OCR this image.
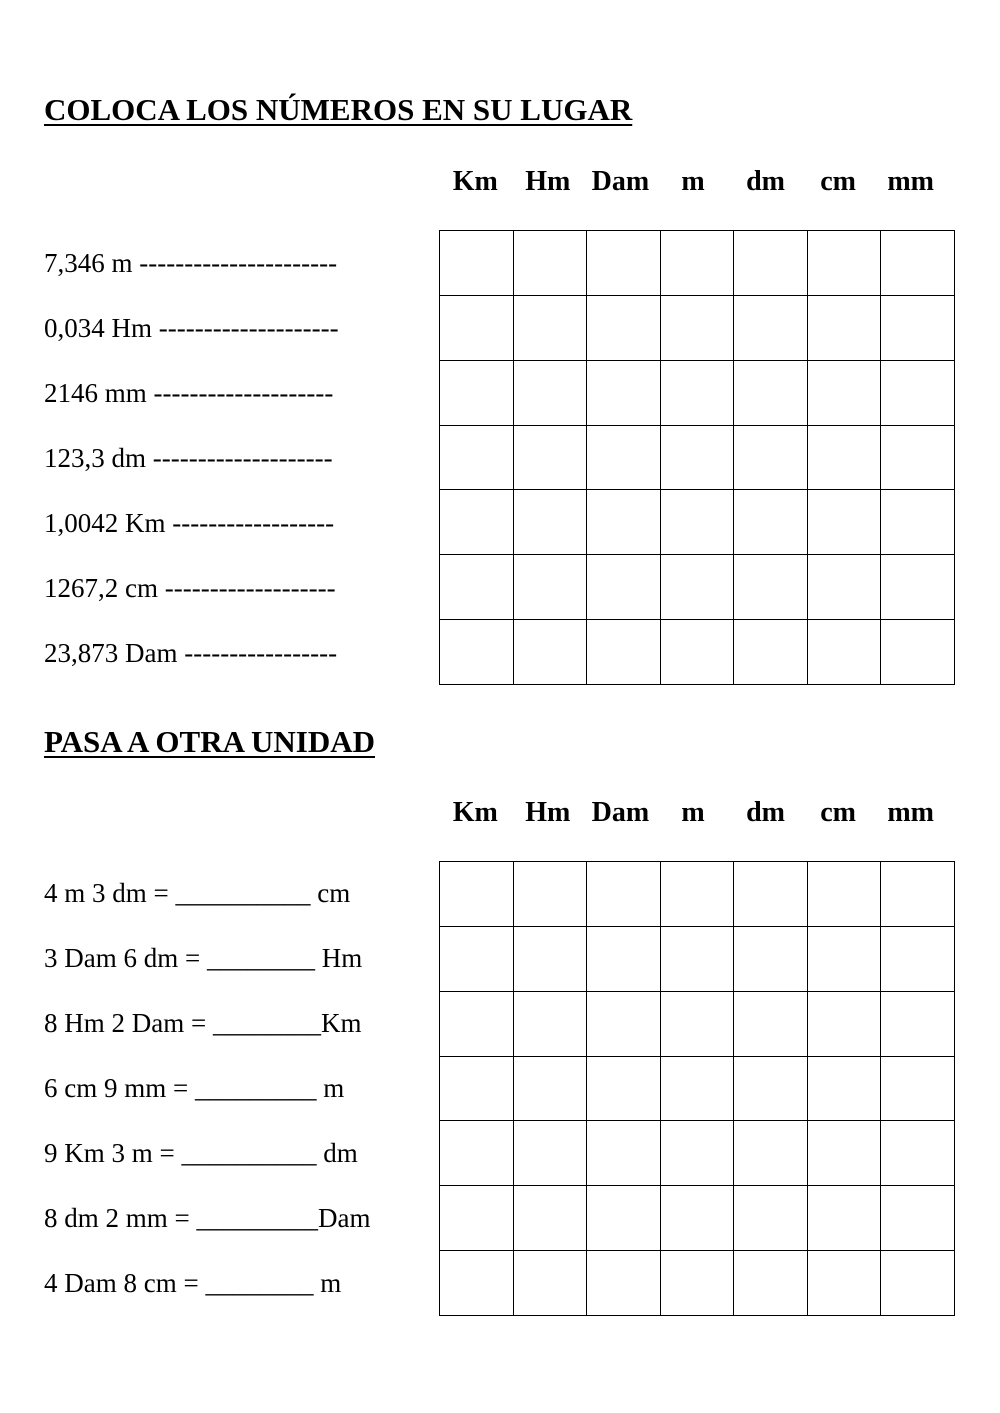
COLOCA LOS NÚMEROS EN SU LUGAR
Km Hm Dam	m	dm	cm	mm
7,346 m ----------------------
0,034 Hm --------------------
2146 mm --------------------
123,3 dm --------------------
1,0042 Km ------------------
1267,2 cm -------------------
23,873 Dam -----------------

PASA A OTRA UNIDAD
Km Hm Dam	m	dm	cm	mm
4 m 3 dm = __________ cm
3 Dam 6 dm = ________ Hm
8 Hm 2 Dam = ________Km
6 cm 9 mm = _________ m
9 Km 3 m = __________ dm
8 dm 2 mm = _________Dam
4 Dam 8 cm = ________ m
